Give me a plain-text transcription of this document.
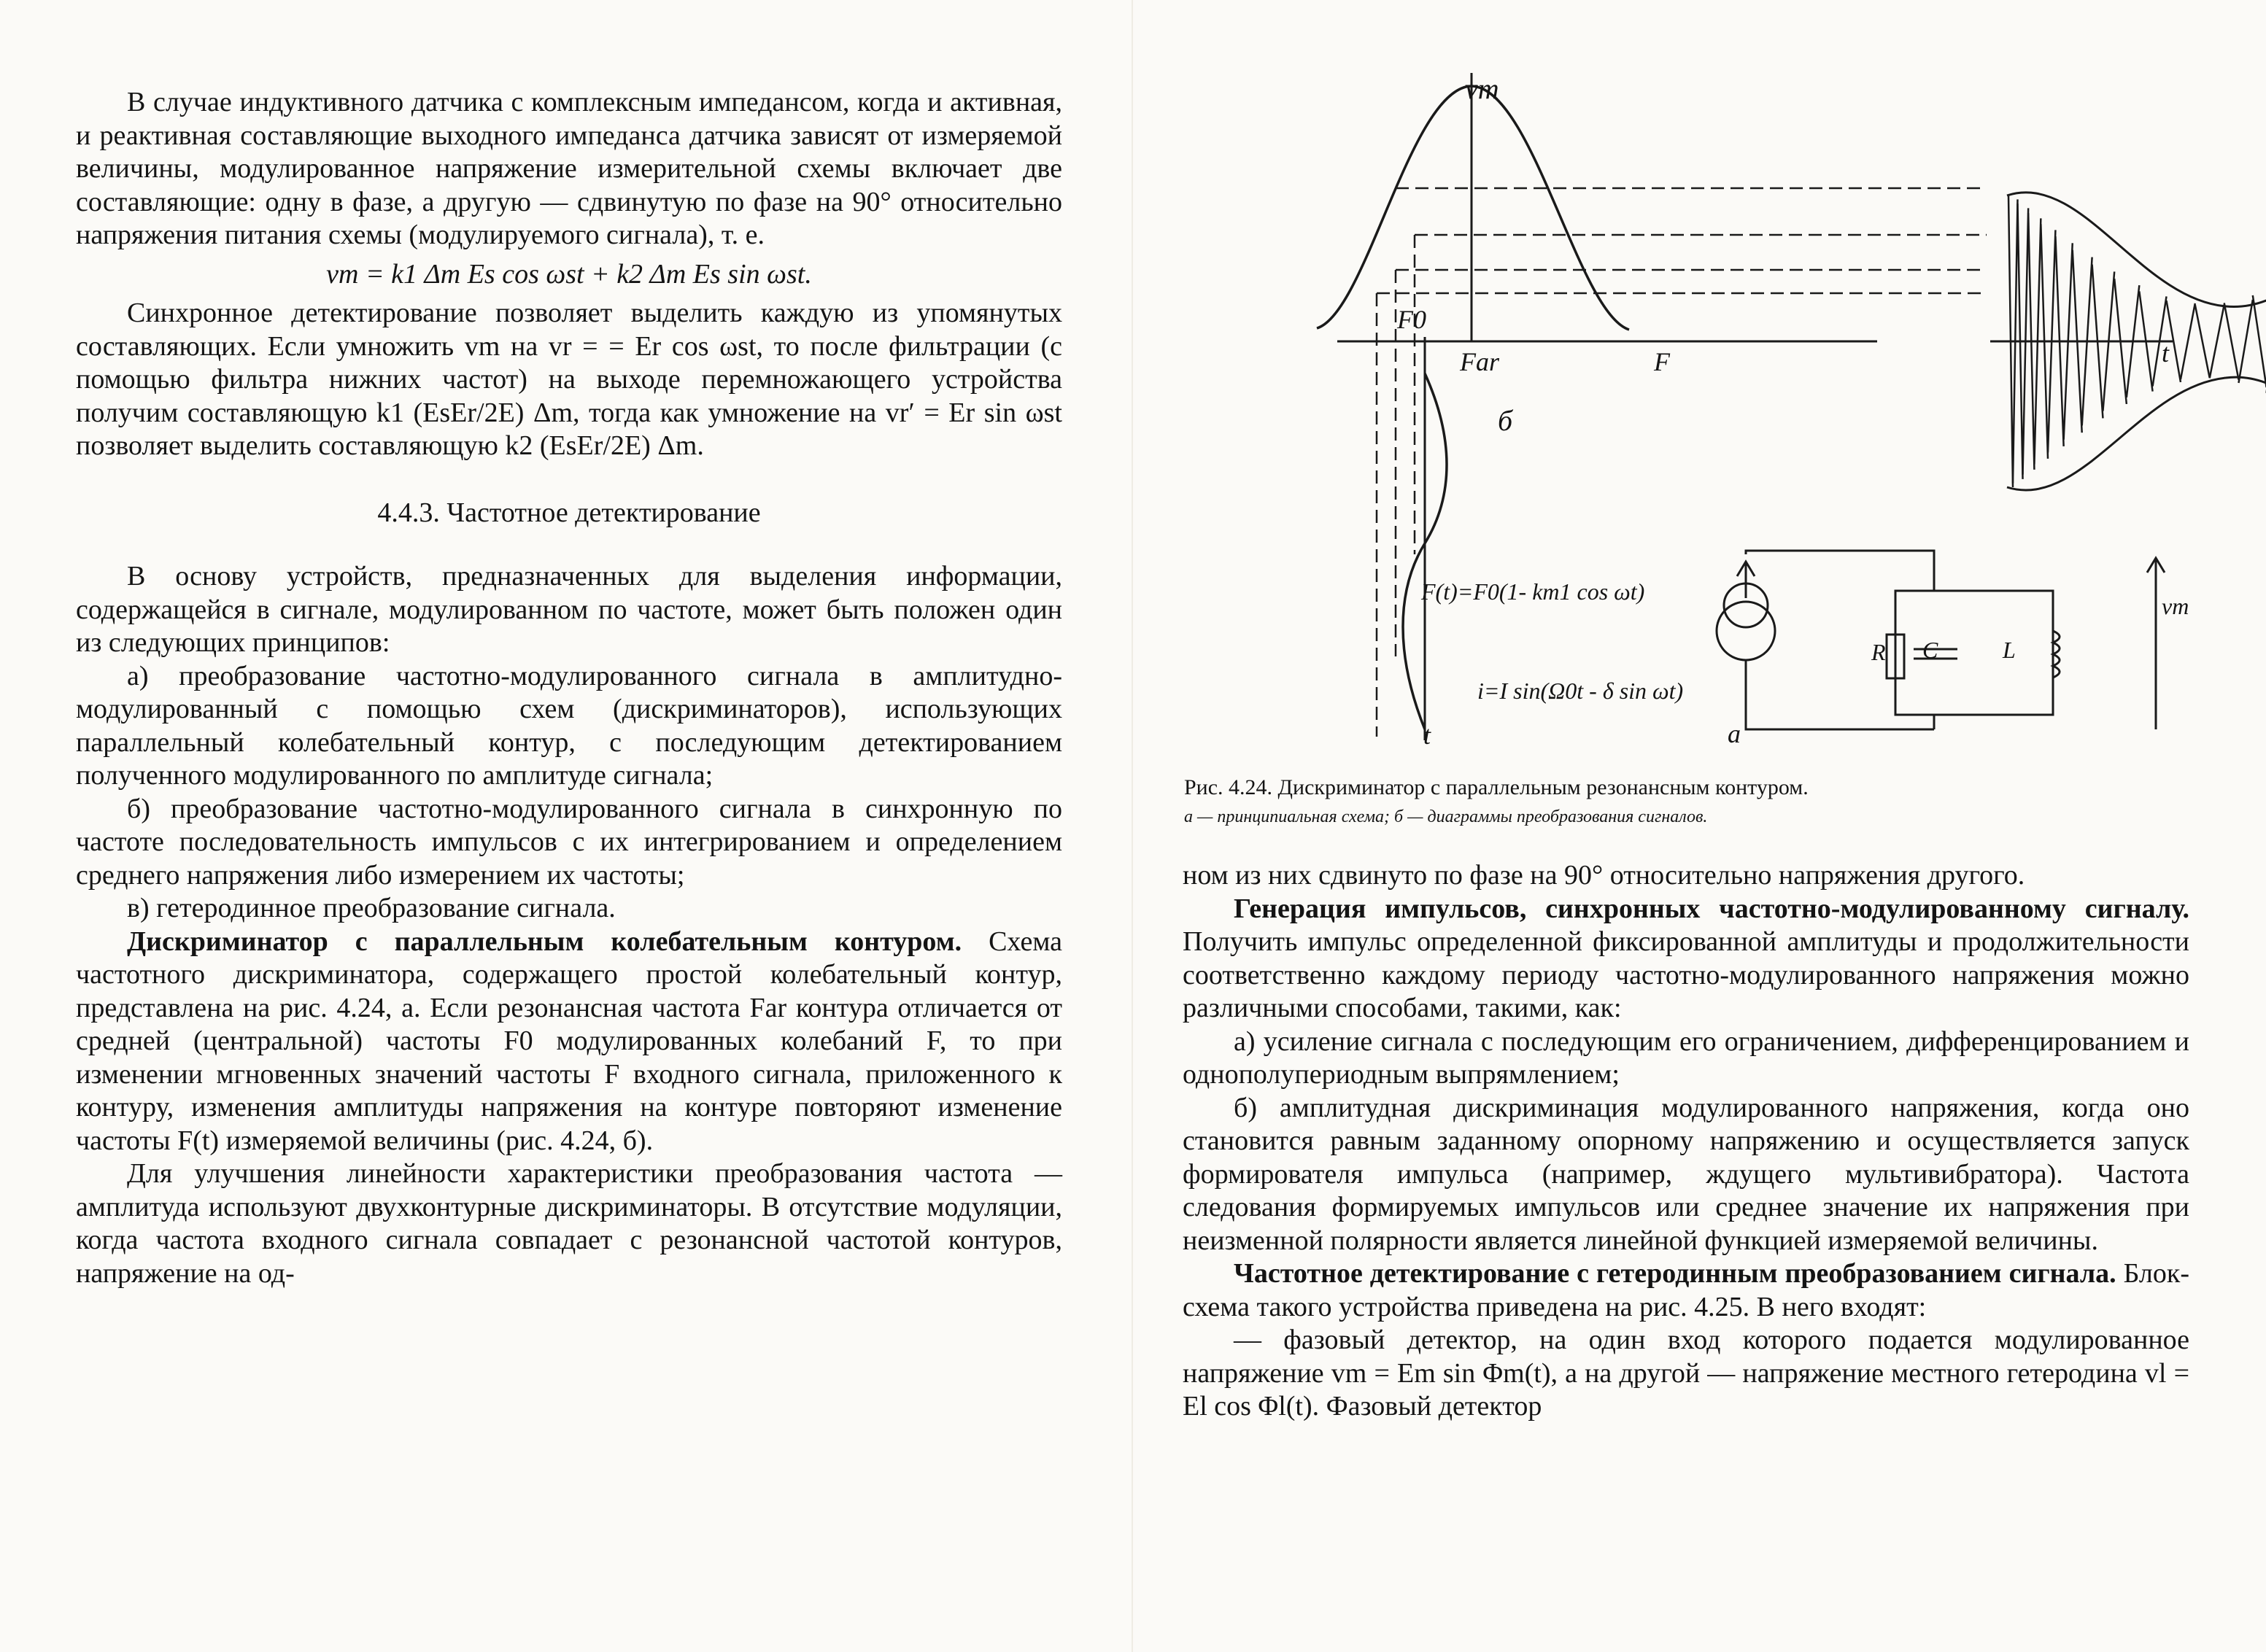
В случае индуктивного датчика с комплексным импедансом, когда и активная, и реактивная составляющие выходного импеданса датчика зависят от измеряемой величины, модулированное напряжение измерительной схемы включает две составляющие: одну в фазе, а другую — сдвинутую по фазе на 90° относительно напряжения питания схемы (модулируемого сигнала), т. е.

vm = k1 Δm Es cos ωst + k2 Δm Es sin ωst.

Синхронное детектирование позволяет выделить каждую из упомянутых составляющих. Если умножить vm на vr = = Er cos ωst, то после фильтрации (с помощью фильтра нижних частот) на выходе перемножающего устройства получим составляющую k1 (EsEr/2E) Δm, тогда как умножение на vr′ = Er sin ωst позволяет выделить составляющую k2 (EsEr/2E) Δm.

4.4.3. Частотное детектирование

В основу устройств, предназначенных для выделения информации, содержащейся в сигнале, модулированном по частоте, может быть положен один из следующих принципов:

а) преобразование частотно-модулированного сигнала в амплитудно-модулированный с помощью схем (дискриминаторов), использующих параллельный колебательный контур, с последующим детектированием полученного модулированного по амплитуде сигнала;

б) преобразование частотно-модулированного сигнала в синхронную по частоте последовательность импульсов с их интегрированием и определением среднего напряжения либо измерением их частоты;

в) гетеродинное преобразование сигнала.

Дискриминатор с параллельным колебательным контуром. Схема частотного дискриминатора, содержащего простой колебательный контур, представлена на рис. 4.24, а. Если резонансная частота Far контура отличается от средней (центральной) частоты F0 модулированных колебаний F, то при изменении мгновенных значений частоты F входного сигнала, приложенного к контуру, изменения амплитуды напряжения на контуре повторяют изменение частоты F(t) измеряемой величины (рис. 4.24, б).

Для улучшения линейности характеристики преобразования частота — амплитуда используют двухконтурные дискриминаторы. В отсутствие модуляции, когда частота входного сигнала совпадает с резонансной частотой контуров, напряжение на од-

vm
F0
Far	F	t
б
F(t)=F0(1- km1 cos ωt)
i=I sin(Ω0t - δ sin ωt)
t
R C	L
vm
а
Рис. 4.24. Дискриминатор с параллельным резонансным контуром.
а — принципиальная схема; б — диаграммы преобразования сигналов.

ном из них сдвинуто по фазе на 90° относительно напряжения другого.

Генерация импульсов, синхронных частотно-модулированному сигналу. Получить импульс определенной фиксированной амплитуды и продолжительности соответственно каждому периоду частотно-модулированного напряжения можно различными способами, такими, как:

а) усиление сигнала с последующим его ограничением, дифференцированием и однополупериодным выпрямлением;

б) амплитудная дискриминация модулированного напряжения, когда оно становится равным заданному опорному напряжению и осуществляется запуск формирователя импульса (например, ждущего мультивибратора). Частота следования формируемых импульсов или среднее значение их напряжения при неизменной полярности является линейной функцией измеряемой величины.

Частотное детектирование с гетеродинным преобразованием сигнала. Блок-схема такого устройства приведена на рис. 4.25. В него входят:

— фазовый детектор, на один вход которого подается модулированное напряжение vm = Em sin Φm(t), а на другой — напряжение местного гетеродина vl = El cos Φl(t). Фазовый детектор
